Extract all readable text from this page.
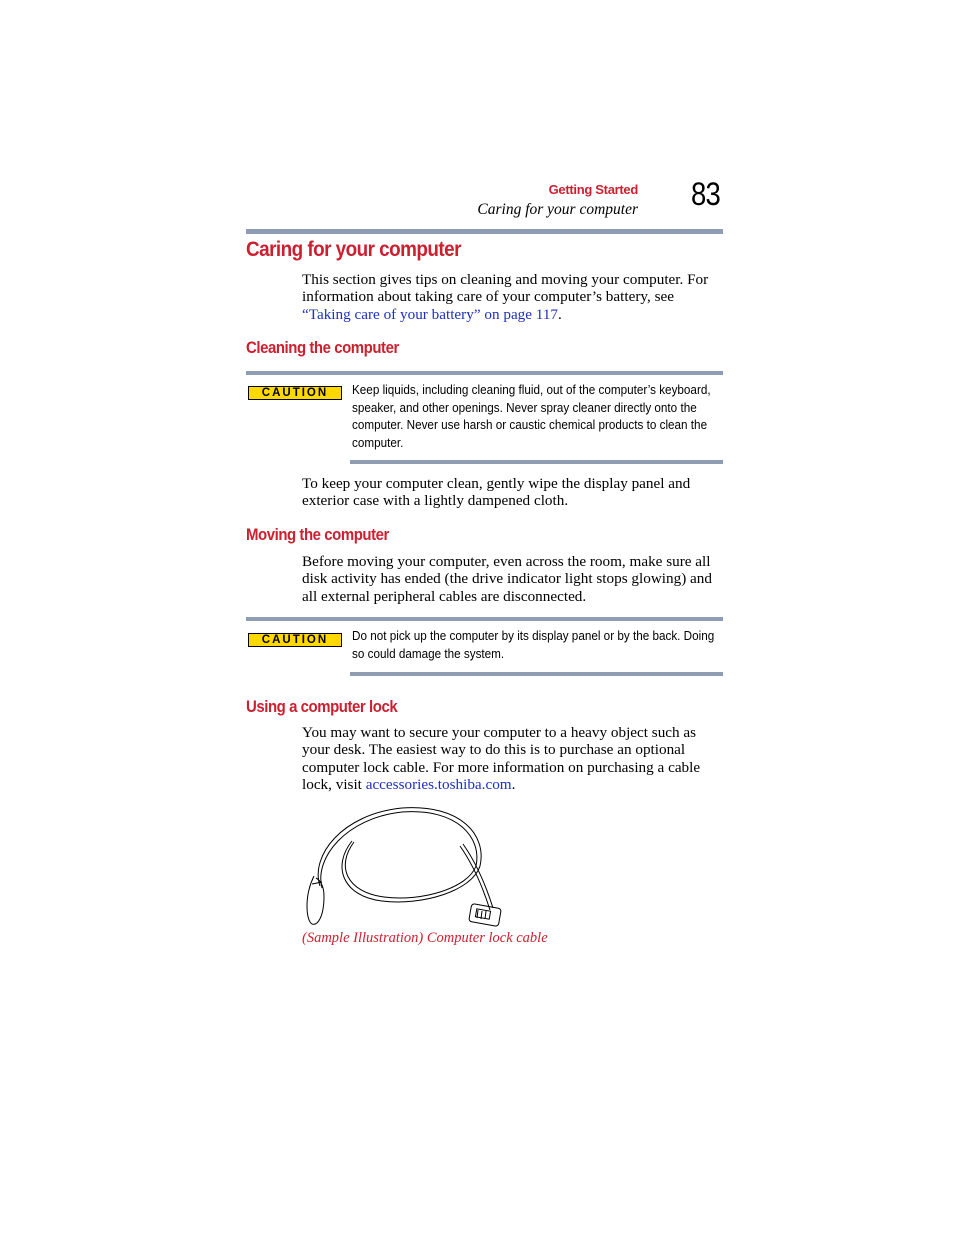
Getting Started
Caring for your computer 83
Caring for your computer

This section gives tips on cleaning and moving your computer. For information about taking care of your computer’s battery, see “Taking care of your battery” on page 117.

Cleaning the computer
CAUTION	Keep liquids, including cleaning fluid, out of the computer’s keyboard, speaker, and other openings. Never spray cleaner directly onto the computer. Never use harsh or caustic chemical products to clean the computer.

To keep your computer clean, gently wipe the display panel and exterior case with a lightly dampened cloth.

Moving the computer

Before moving your computer, even across the room, make sure all disk activity has ended (the drive indicator light stops glowing) and all external peripheral cables are disconnected.

CAUTION	Do not pick up the computer by its display panel or by the back. Doing so could damage the system.

Using a computer lock

You may want to secure your computer to a heavy object such as your desk. The easiest way to do this is to purchase an optional computer lock cable. For more information on purchasing a cable lock, visit accessories.toshiba.com.

(Sample Illustration) Computer lock cable
